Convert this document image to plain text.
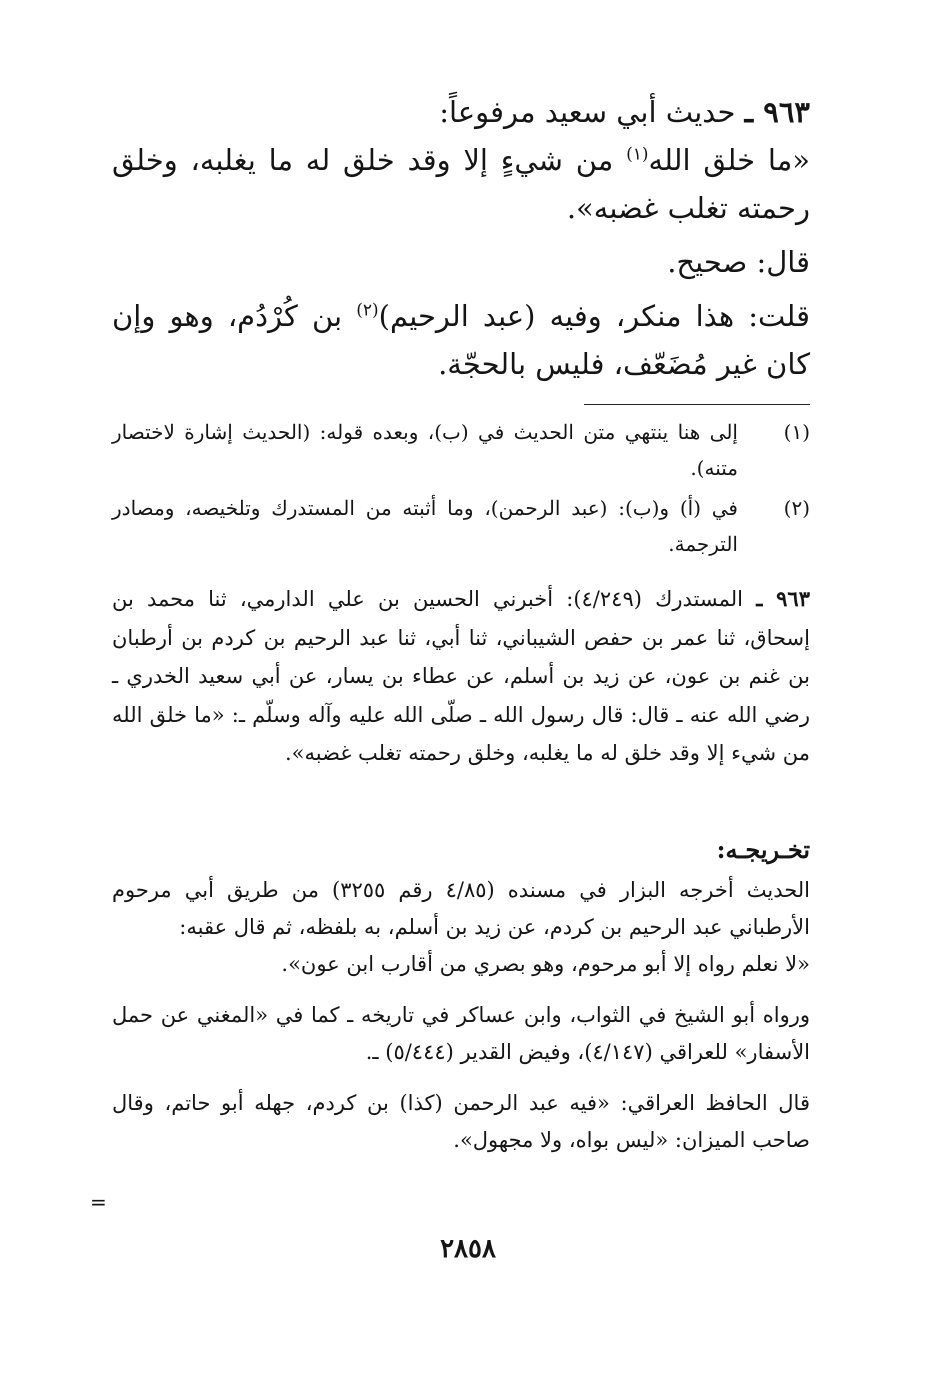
٩٦٣ ـ حديث أبي سعيد مرفوعاً:

«ما خلق الله$^{(١)}$ من شيءٍ إلا وقد خلق له ما يغلبه، وخلق رحمته تغلب غضبه».

قال: صحيح.

قلت: هذا منكر، وفيه (عبد الرحيم)$^{(٢)}$ بن كُرْدُم، وهو وإن كان غير مُضَعّف، فليس بالحجّة.

(١)
إلى هنا ينتهي متن الحديث في (ب)، وبعده قوله: (الحديث إشارة لاختصار متنه).
(٢)
في (أ) و(ب): (عبد الرحمن)، وما أثبته من المستدرك وتلخيصه، ومصادر الترجمة.
٩٦٣ ـ المستدرك (٤/٢٤٩): أخبرني الحسين بن علي الدارمي، ثنا محمد بن إسحاق، ثنا عمر بن حفص الشيباني، ثنا أبي، ثنا عبد الرحيم بن كردم بن أرطبان بن غنم بن عون، عن زيد بن أسلم، عن عطاء بن يسار، عن أبي سعيد الخدري ـ رضي الله عنه ـ قال: قال رسول الله ـ صلّى الله عليه وآله وسلّم ـ: «ما خلق الله من شيء إلا وقد خلق له ما يغلبه، وخلق رحمته تغلب غضبه».
تخـريجـه:

الحديث أخرجه البزار في مسنده (٤/٨٥ رقم ٣٢٥٥) من طريق أبي مرحوم الأرطباني عبد الرحيم بن كردم، عن زيد بن أسلم، به بلفظه، ثم قال عقبه:

«لا نعلم رواه إلا أبو مرحوم، وهو بصري من أقارب ابن عون».

ورواه أبو الشيخ في الثواب، وابن عساكر في تاريخه ـ كما في «المغني عن حمل الأسفار» للعراقي (٤/١٤٧)، وفيض القدير (٥/٤٤٤) ـ.

قال الحافظ العراقي: «فيه عبد الرحمن (كذا) بن كردم، جهله أبو حاتم، وقال صاحب الميزان: «ليس بواه، ولا مجهول».

=
٢٨٥٨
